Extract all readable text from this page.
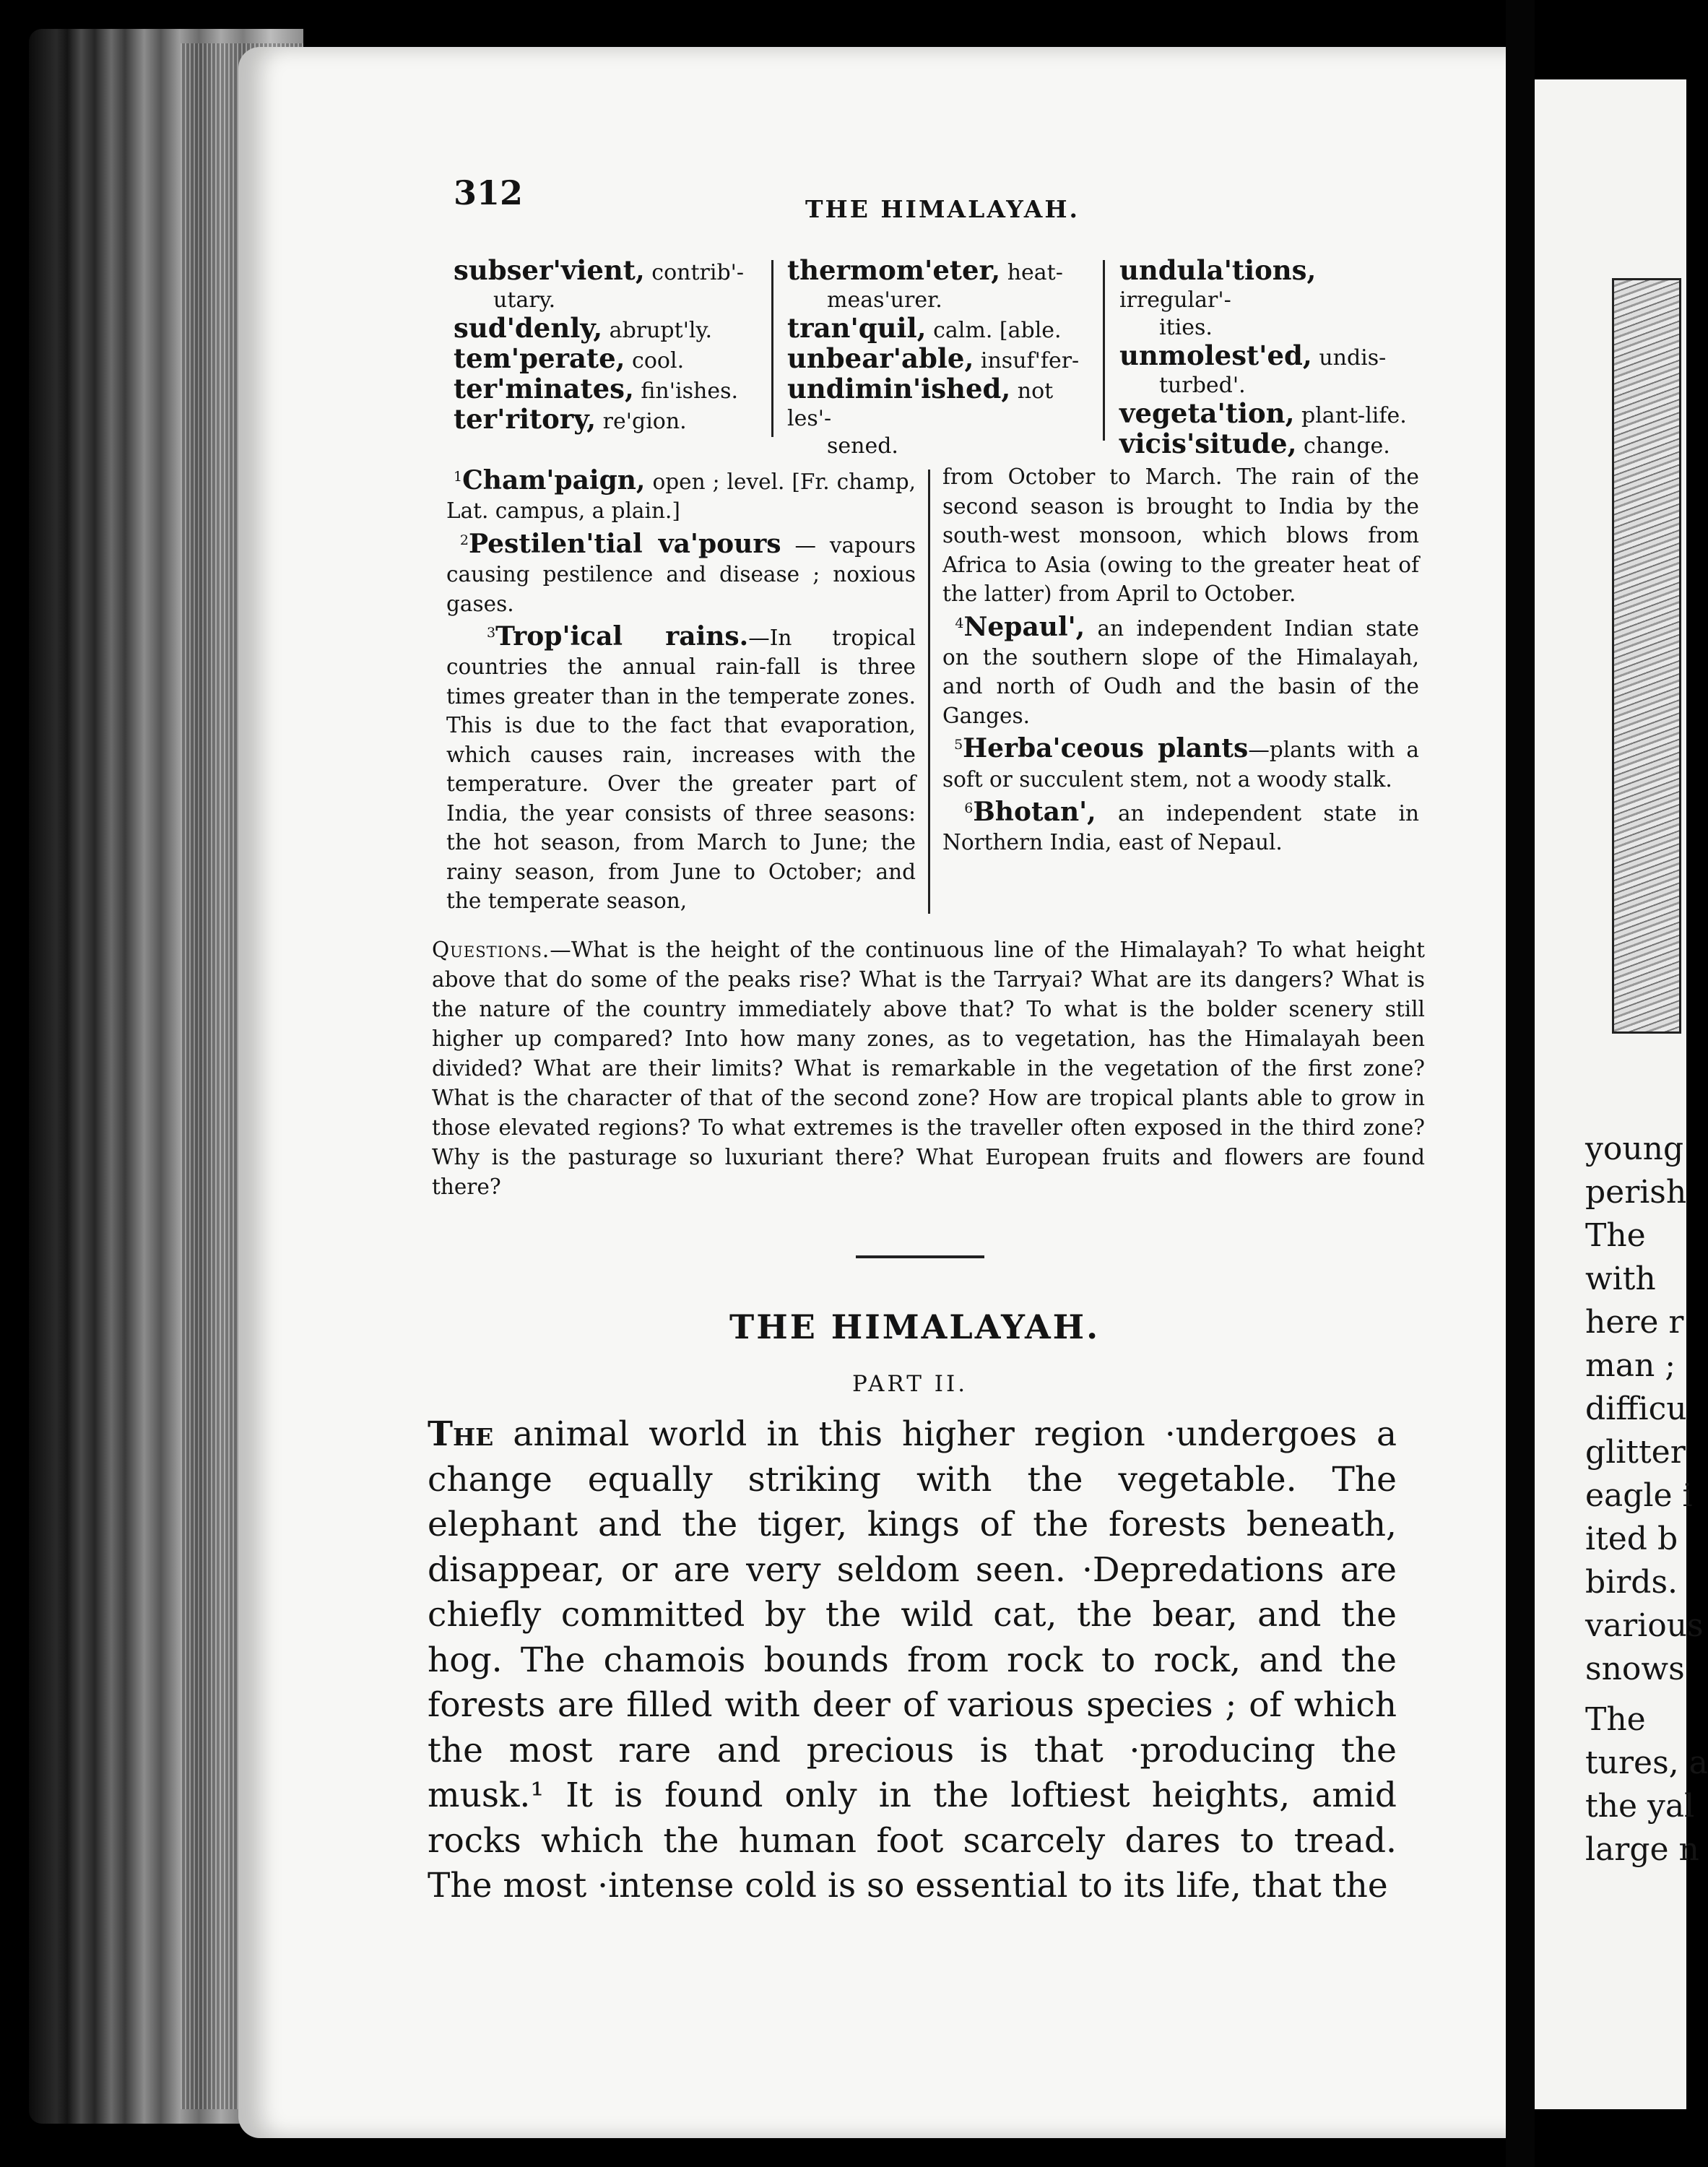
young
perish
The
with
here r
man ;
difficu
glitter
eagle i
ited b
birds.
various
snows
The
tures, a
the yal
large n
312	THE HIMALAYAH.
subser'vient, contrib'-
utary.
sud'denly, abrupt'ly.
tem'perate, cool.
ter'minates, fin'ishes.
ter'ritory, re'gion.
thermom'eter, heat-
meas'urer.
tran'quil, calm. [able.
unbear'able, insuf'fer-
undimin'ished, not les'-
sened.
undula'tions, irregular'-
ities.
unmolest'ed, undis-
turbed'.
vegeta'tion, plant-life.
vicis'situde, change.
$^1$Cham'paign, open ; level. [Fr. champ, Lat. campus, a plain.]
$^2$Pestilen'tial va'pours — vapours causing pestilence and disease ; noxious gases.
$^3$Trop'ical rains.—In tropical countries the annual rain-fall is three times greater than in the temperate zones. This is due to the fact that evaporation, which causes rain, increases with the temperature. Over the greater part of India, the year consists of three seasons: the hot season, from March to June; the rainy season, from June to October; and the temperate season,
from October to March. The rain of the second season is brought to India by the south-west monsoon, which blows from Africa to Asia (owing to the greater heat of the latter) from April to October.
$^4$Nepaul', an independent Indian state on the southern slope of the Himalayah, and north of Oudh and the basin of the Ganges.
$^5$Herba'ceous plants—plants with a soft or succulent stem, not a woody stalk.
$^6$Bhotan', an independent state in Northern India, east of Nepaul.
Questions.—What is the height of the continuous line of the Himalayah? To what height above that do some of the peaks rise? What is the Tarryai? What are its dangers? What is the nature of the country immediately above that? To what is the bolder scenery still higher up compared? Into how many zones, as to vegetation, has the Himalayah been divided? What are their limits? What is remarkable in the vegetation of the first zone? What is the character of that of the second zone? How are tropical plants able to grow in those elevated regions? To what extremes is the traveller often exposed in the third zone? Why is the pasturage so luxuriant there? What European fruits and flowers are found there?
THE HIMALAYAH.
PART II.
The animal world in this higher region ·undergoes a change equally striking with the vegetable. The elephant and the tiger, kings of the forests beneath, disappear, or are very seldom seen. ·Depredations are chiefly committed by the wild cat, the bear, and the hog. The chamois bounds from rock to rock, and the forests are filled with deer of various species ; of which the most rare and precious is that ·producing the musk.¹ It is found only in the loftiest heights, amid rocks which the human foot scarcely dares to tread. The most ·intense cold is so essential to its life, that the
